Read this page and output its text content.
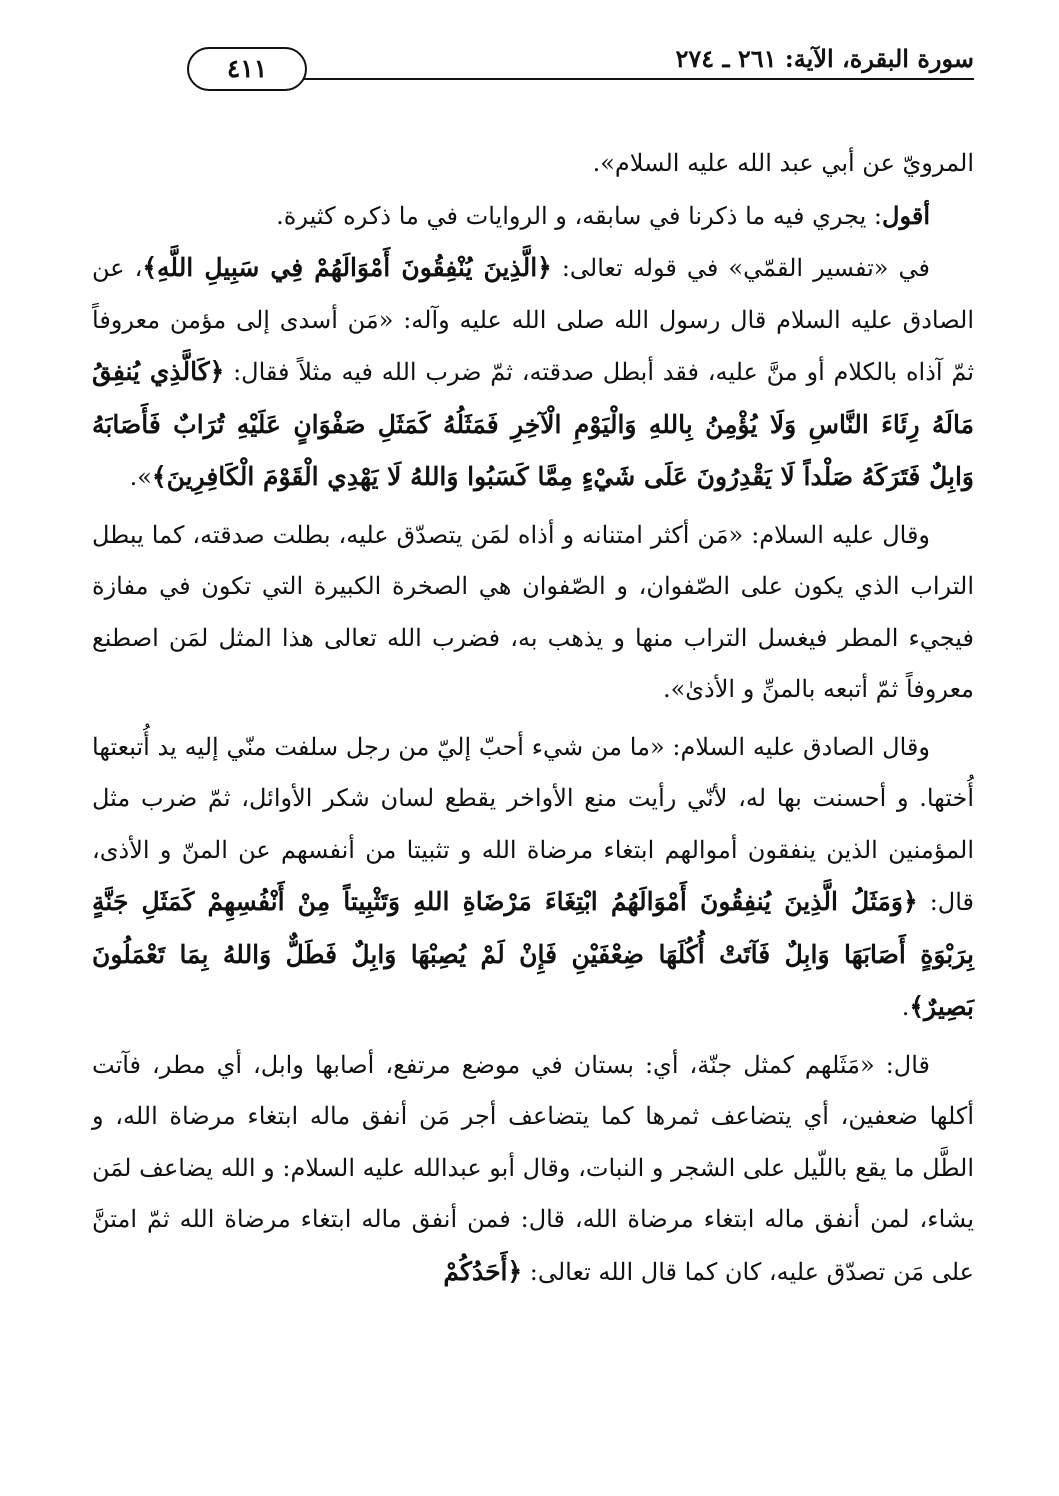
سورة البقرة، الآية: ٢٦١ ـ ٢٧٤
٤١١

المرويّ عن أبي عبد الله عليه السلام».

أقول: يجري فيه ما ذكرنا في سابقه، و الروايات في ما ذكره كثيرة.

في «تفسير القمّي» في قوله تعالى: ﴿الَّذِينَ يُنْفِقُونَ أَمْوَالَهُمْ فِي سَبِيلِ اللَّهِ﴾، عن الصادق عليه السلام قال رسول الله صلى الله عليه وآله: «مَن أسدى إلى مؤمن معروفاً ثمّ آذاه بالكلام أو منَّ عليه، فقد أبطل صدقته، ثمّ ضرب الله فيه مثلاً فقال: ﴿كَالَّذِي يُنفِقُ مَالَهُ رِئَاءَ النَّاسِ وَلَا يُؤْمِنُ بِاللهِ وَالْيَوْمِ الْآخِرِ فَمَثَلُهُ كَمَثَلِ صَفْوَانٍ عَلَيْهِ تُرَابٌ فَأَصَابَهُ وَابِلٌ فَتَرَكَهُ صَلْداً لَا يَقْدِرُونَ عَلَى شَيْءٍ مِمَّا كَسَبُوا وَاللهُ لَا يَهْدِي الْقَوْمَ الْكَافِرِينَ﴾».

وقال عليه السلام: «مَن أكثر امتنانه و أذاه لمَن يتصدّق عليه، بطلت صدقته، كما يبطل التراب الذي يكون على الصّفوان، و الصّفوان هي الصخرة الكبيرة التي تكون في مفازة فيجيء المطر فيغسل التراب منها و يذهب به، فضرب الله تعالى هذا المثل لمَن اصطنع معروفاً ثمّ أتبعه بالمنِّ و الأذىٰ».

وقال الصادق عليه السلام: «ما من شيء أحبّ إليّ من رجل سلفت منّي إليه يد أُتبعتها أُختها. و أحسنت بها له، لأنّي رأيت منع الأواخر يقطع لسان شكر الأوائل، ثمّ ضرب مثل المؤمنين الذين ينفقون أموالهم ابتغاء مرضاة الله و تثبيتا من أنفسهم عن المنّ و الأذى، قال: ﴿وَمَثَلُ الَّذِينَ يُنفِقُونَ أَمْوَالَهُمُ ابْتِغَاءَ مَرْضَاةِ اللهِ وَتَثْبِيتاً مِنْ أَنْفُسِهِمْ كَمَثَلِ جَنَّةٍ بِرَبْوَةٍ أَصَابَهَا وَابِلٌ فَآتَتْ أُكُلَهَا ضِعْفَيْنِ فَإِنْ لَمْ يُصِبْهَا وَابِلٌ فَطَلٌّ وَاللهُ بِمَا تَعْمَلُونَ بَصِيرٌ﴾.

قال: «مَثَلهم كمثل جنّة، أي: بستان في موضع مرتفع، أصابها وابل، أي مطر، فآتت أكلها ضعفين، أي يتضاعف ثمرها كما يتضاعف أجر مَن أنفق ماله ابتغاء مرضاة الله، و الطَّل ما يقع باللّيل على الشجر و النبات، وقال أبو عبدالله عليه السلام: و الله يضاعف لمَن يشاء، لمن أنفق ماله ابتغاء مرضاة الله، قال: فمن أنفق ماله ابتغاء مرضاة الله ثمّ امتنَّ على مَن تصدّق عليه، كان كما قال الله تعالى: ﴿أَحَدُكُمْ
